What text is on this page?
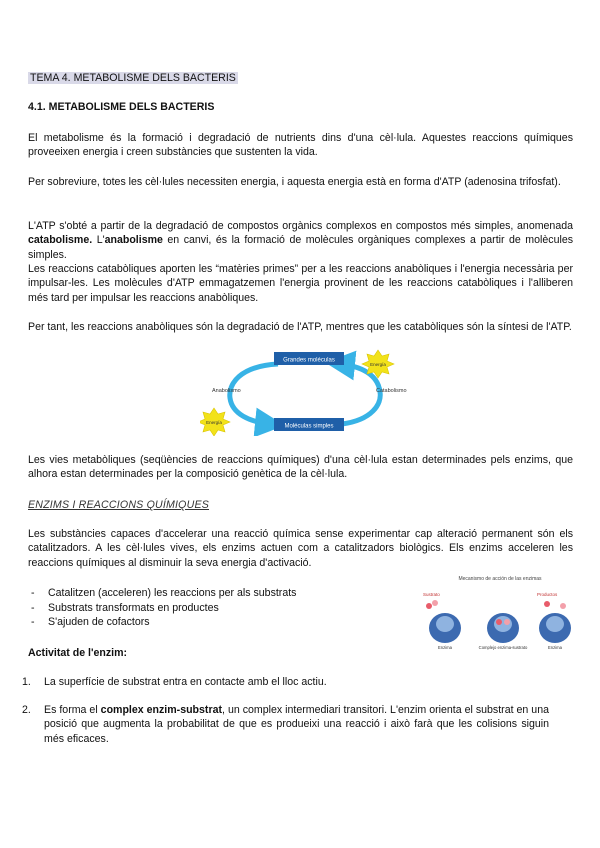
TEMA 4. METABOLISME DELS BACTERIS
4.1. METABOLISME DELS BACTERIS

El metabolisme és la formació i degradació de nutrients dins d'una cèl·lula. Aquestes reaccions químiques proveeixen energia i creen substàncies que sustenten la vida.

Per sobreviure, totes les cèl·lules necessiten energia, i aquesta energia està en forma d'ATP (adenosina trifosfat).

L'ATP s'obté a partir de la degradació de compostos orgànics complexos en compostos més simples, anomenada catabolisme. L'anabolisme en canvi, és la formació de molècules orgàniques complexes a partir de molècules simples.

Les reaccions catabòliques aporten les “matèries primes” per a les reaccions anabòliques i l'energia necessària per impulsar-les. Les molècules d'ATP emmagatzemen l'energia provinent de les reaccions catabòliques i l'alliberen més tard per impulsar les reaccions anabòliques.

Per tant, les reaccions anabòliques són la degradació de l'ATP, mentres que les catabòliques són la síntesi de l'ATP.

Grandes moléculas
Moléculas simples
Anabolismo	Catabolismo
Energía
Energía

Les vies metabòliques (seqüències de reaccions químiques) d'una cèl·lula estan determinades pels enzims, que alhora estan determinades per la composició genètica de la cèl·lula.

ENZIMS I REACCIONS QUÍMIQUES

Les substàncies capaces d'accelerar una reacció química sense experimentar cap alteració permanent són els catalitzadors. A les cèl·lules vives, els enzims actuen com a catalitzadors biològics. Els enzims acceleren les reaccions químiques al disminuir la seva energia d'activació.

- Catalitzen (acceleren) les reaccions per als substrats
- Substrats transformats en productes
- S'ajuden de cofactors
Mecanismo de acción de las enzimas
Sustrato	Productos
Enzima	Complejo enzima-sustrato	Enzima
Activitat de l'enzim:
1. La superfície de substrat entra en contacte amb el lloc actiu.
2. Es forma el complex enzim-substrat, un complex intermediari transitori. L'enzim orienta el substrat en una posició que augmenta la probabilitat de que es produeixi una reacció i això farà que les colisions siguin més eficaces.
